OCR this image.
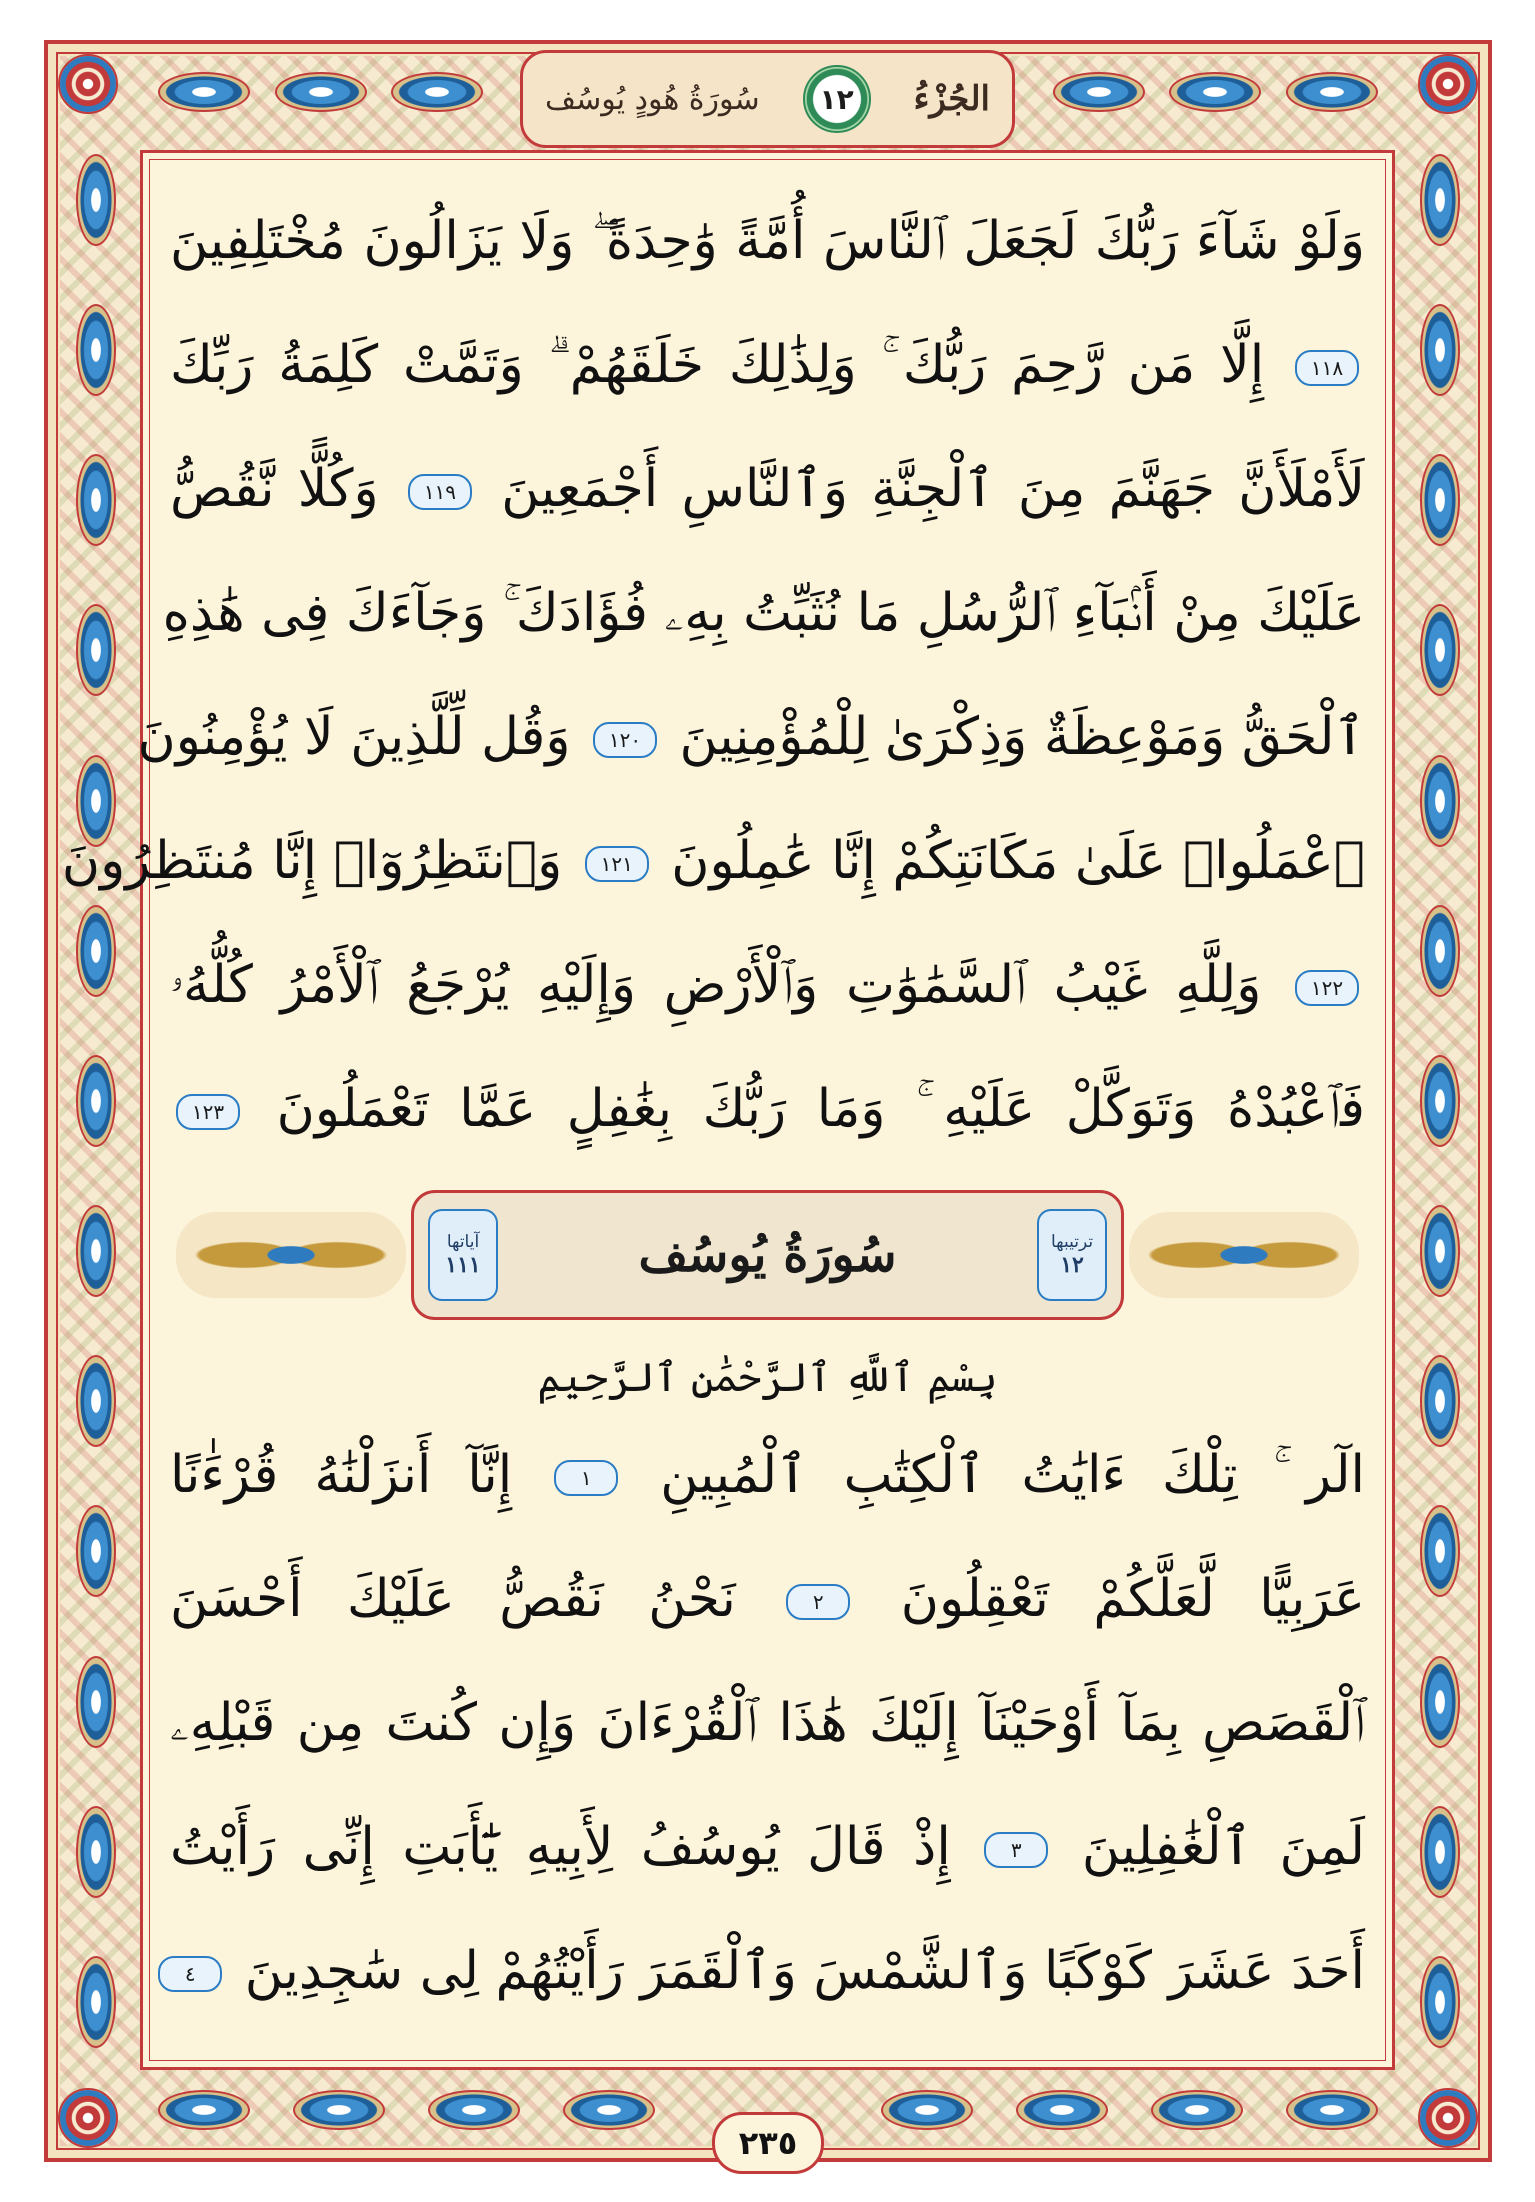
الجُزْءُ
١٢
سُورَةُ هُودٍ يُوسُف
وَلَوْ شَآءَ رَبُّكَ لَجَعَلَ ٱلنَّاسَ أُمَّةً وَٰحِدَةً ۖ وَلَا يَزَالُونَ مُخْتَلِفِينَ
١١٨ إِلَّا مَن رَّحِمَ رَبُّكَ ۚ وَلِذَٰلِكَ خَلَقَهُمْ ۗ وَتَمَّتْ كَلِمَةُ رَبِّكَ
لَأَمْلَأَنَّ جَهَنَّمَ مِنَ ٱلْجِنَّةِ وَٱلنَّاسِ أَجْمَعِينَ ١١٩ وَكُلًّا نَّقُصُّ
عَلَيْكَ مِنْ أَنۢبَآءِ ٱلرُّسُلِ مَا نُثَبِّتُ بِهِۦ فُؤَادَكَ ۚ وَجَآءَكَ فِى هَٰذِهِ
ٱلْحَقُّ وَمَوْعِظَةٌ وَذِكْرَىٰ لِلْمُؤْمِنِينَ ١٢٠ وَقُل لِّلَّذِينَ لَا يُؤْمِنُونَ
ٱعْمَلُوا۟ عَلَىٰ مَكَانَتِكُمْ إِنَّا عَٰمِلُونَ ١٢١ وَٱنتَظِرُوٓا۟ إِنَّا مُنتَظِرُونَ
١٢٢ وَلِلَّهِ غَيْبُ ٱلسَّمَٰوَٰتِ وَٱلْأَرْضِ وَإِلَيْهِ يُرْجَعُ ٱلْأَمْرُ كُلُّهُۥ
فَٱعْبُدْهُ وَتَوَكَّلْ عَلَيْهِ ۚ وَمَا رَبُّكَ بِغَٰفِلٍ عَمَّا تَعْمَلُونَ ١٢٣
ترتيبها
١٢
سُورَةُ يُوسُف
آياتها
١١١
بِسْمِ ٱللَّهِ ٱلرَّحْمَٰنِ ٱلرَّحِيمِ
الٓر ۚ تِلْكَ ءَايَٰتُ ٱلْكِتَٰبِ ٱلْمُبِينِ ١ إِنَّآ أَنزَلْنَٰهُ قُرْءَٰنًا
عَرَبِيًّا لَّعَلَّكُمْ تَعْقِلُونَ ٢ نَحْنُ نَقُصُّ عَلَيْكَ أَحْسَنَ
ٱلْقَصَصِ بِمَآ أَوْحَيْنَآ إِلَيْكَ هَٰذَا ٱلْقُرْءَانَ وَإِن كُنتَ مِن قَبْلِهِۦ
لَمِنَ ٱلْغَٰفِلِينَ ٣ إِذْ قَالَ يُوسُفُ لِأَبِيهِ يَٰٓأَبَتِ إِنِّى رَأَيْتُ
أَحَدَ عَشَرَ كَوْكَبًا وَٱلشَّمْسَ وَٱلْقَمَرَ رَأَيْتُهُمْ لِى سَٰجِدِينَ ٤
٢٣٥
